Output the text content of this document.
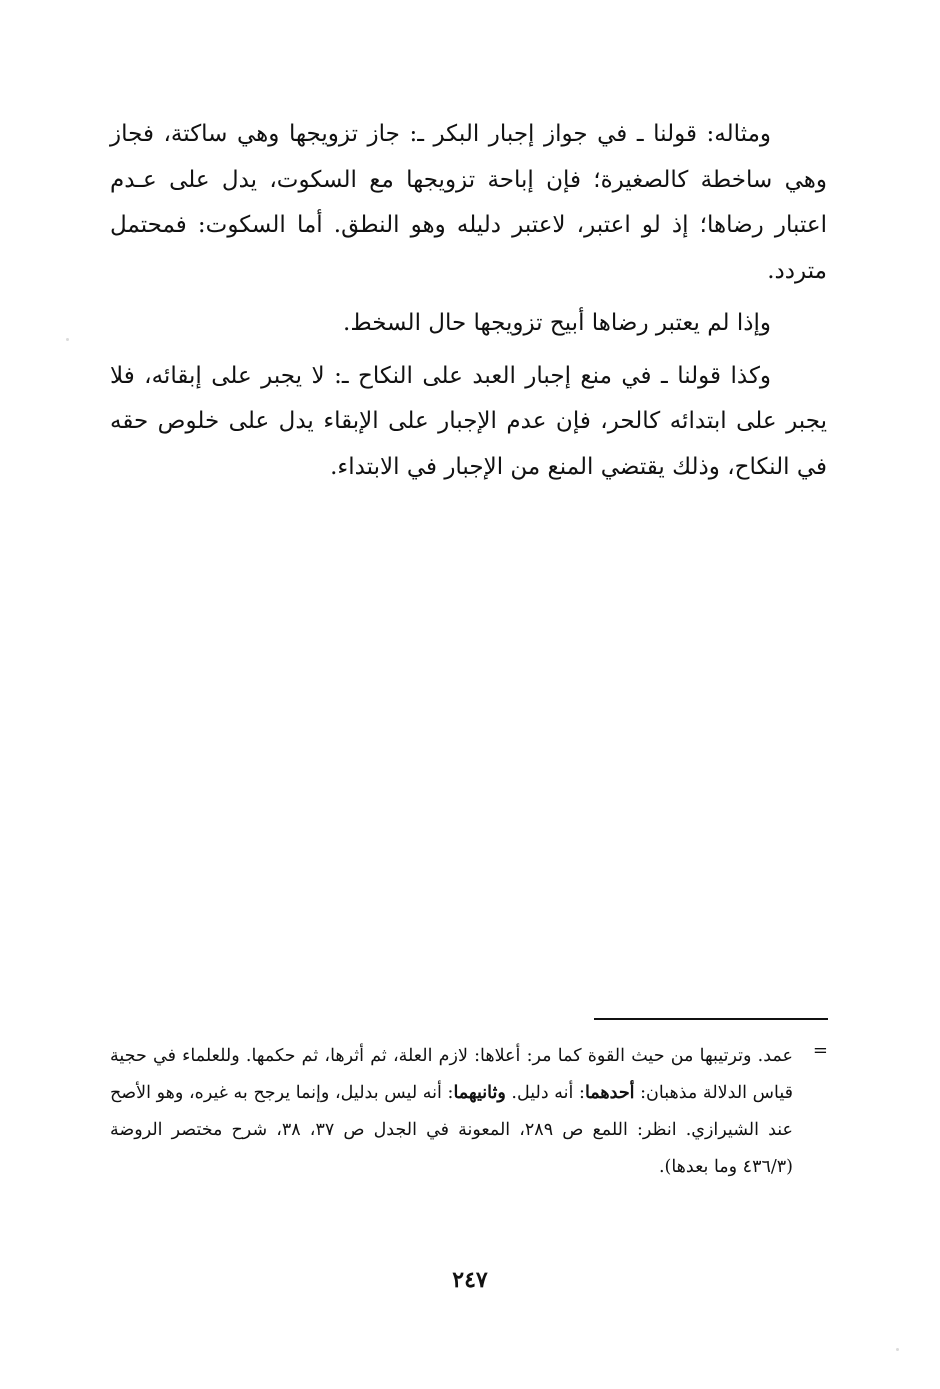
ومثاله: قولنا ـ في جواز إجبار البكر ـ: جاز تزويجها وهي ساكتة، فجاز وهي ساخطة كالصغيرة؛ فإن إباحة تزويجها مع السكوت، يدل على عـدم اعتبار رضاها؛ إذ لو اعتبر، لاعتبر دليله وهو النطق. أما السكوت: فمحتمل متردد.

وإذا لم يعتبر رضاها أبيح تزويجها حال السخط.

وكذا قولنا ـ في منع إجبار العبد على النكاح ـ: لا يجبر على إبقائه، فلا يجبر على ابتدائه كالحر، فإن عدم الإجبار على الإبقاء يدل على خلوص حقه في النكاح، وذلك يقتضي المنع من الإجبار في الابتداء.

=

عمد. وترتيبها من حيث القوة كما مر: أعلاها: لازم العلة، ثم أثرها، ثم حكمها. وللعلماء في حجية قياس الدلالة مذهبان: أحدهما: أنه دليل. وثانيهما: أنه ليس بدليل، وإنما يرجح به غيره، وهو الأصح عند الشيرازي. انظر: اللمع ص ٢٨٩، المعونة في الجدل ص ٣٧، ٣٨، شرح مختصر الروضة (٤٣٦/٣ وما بعدها).

٢٤٧
